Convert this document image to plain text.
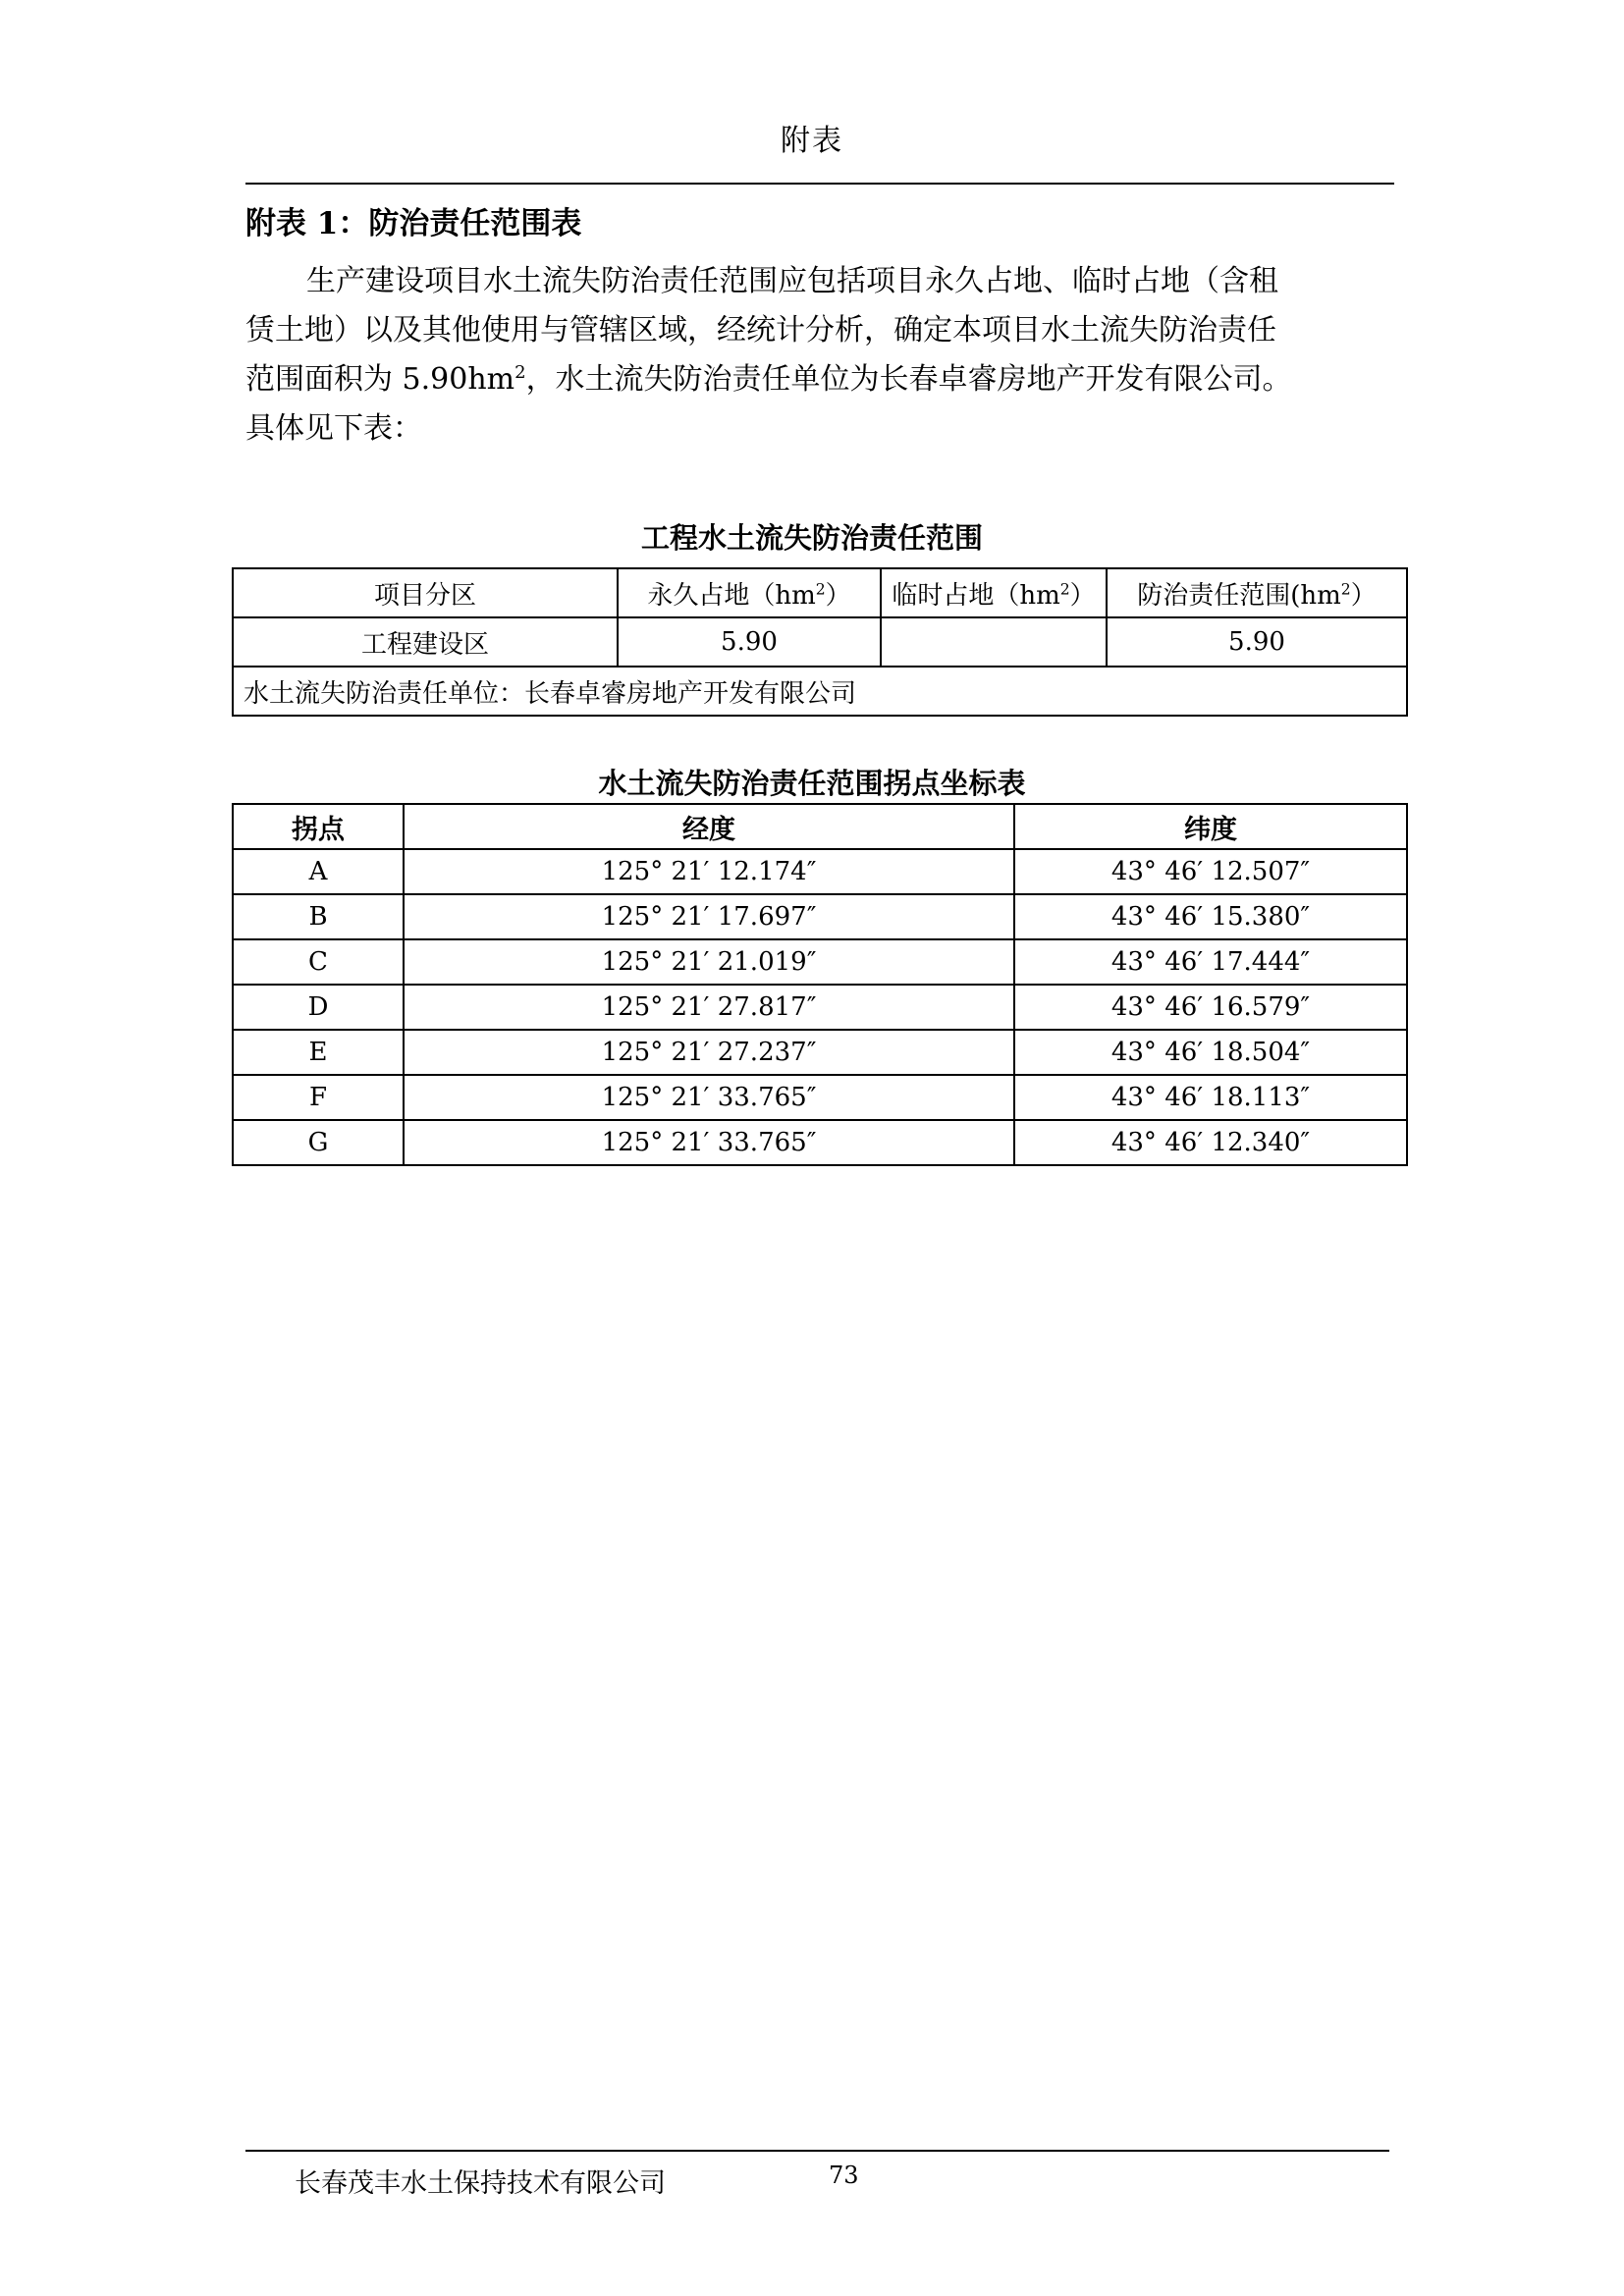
附表
附表 1：防治责任范围表
生产建设项目水土流失防治责任范围应包括项目永久占地、临时占地（含租
赁土地）以及其他使用与管辖区域，经统计分析，确定本项目水土流失防治责任
范围面积为 $5.90hm^2$，水土流失防治责任单位为长春卓睿房地产开发有限公司。
具体见下表：
工程水土流失防治责任范围
项目分区	永久占地$(hm^2)$	临时占地$(hm^2)$	防治责任范围$(hm^2)$
工程建设区	5.90		5.90
水土流失防治责任单位：长春卓睿房地产开发有限公司			
水土流失防治责任范围拐点坐标表
拐点	经度	纬度
A	125° 21′ 12.174″	43° 46′ 12.507″
B	125° 21′ 17.697″	43° 46′ 15.380″
C	125° 21′ 21.019″	43° 46′ 17.444″
D	125° 21′ 27.817″	43° 46′ 16.579″
E	125° 21′ 27.237″	43° 46′ 18.504″
F	125° 21′ 33.765″	43° 46′ 18.113″
G	125° 21′ 33.765″	43° 46′ 12.340″
长春茂丰水土保持技术有限公司	73
